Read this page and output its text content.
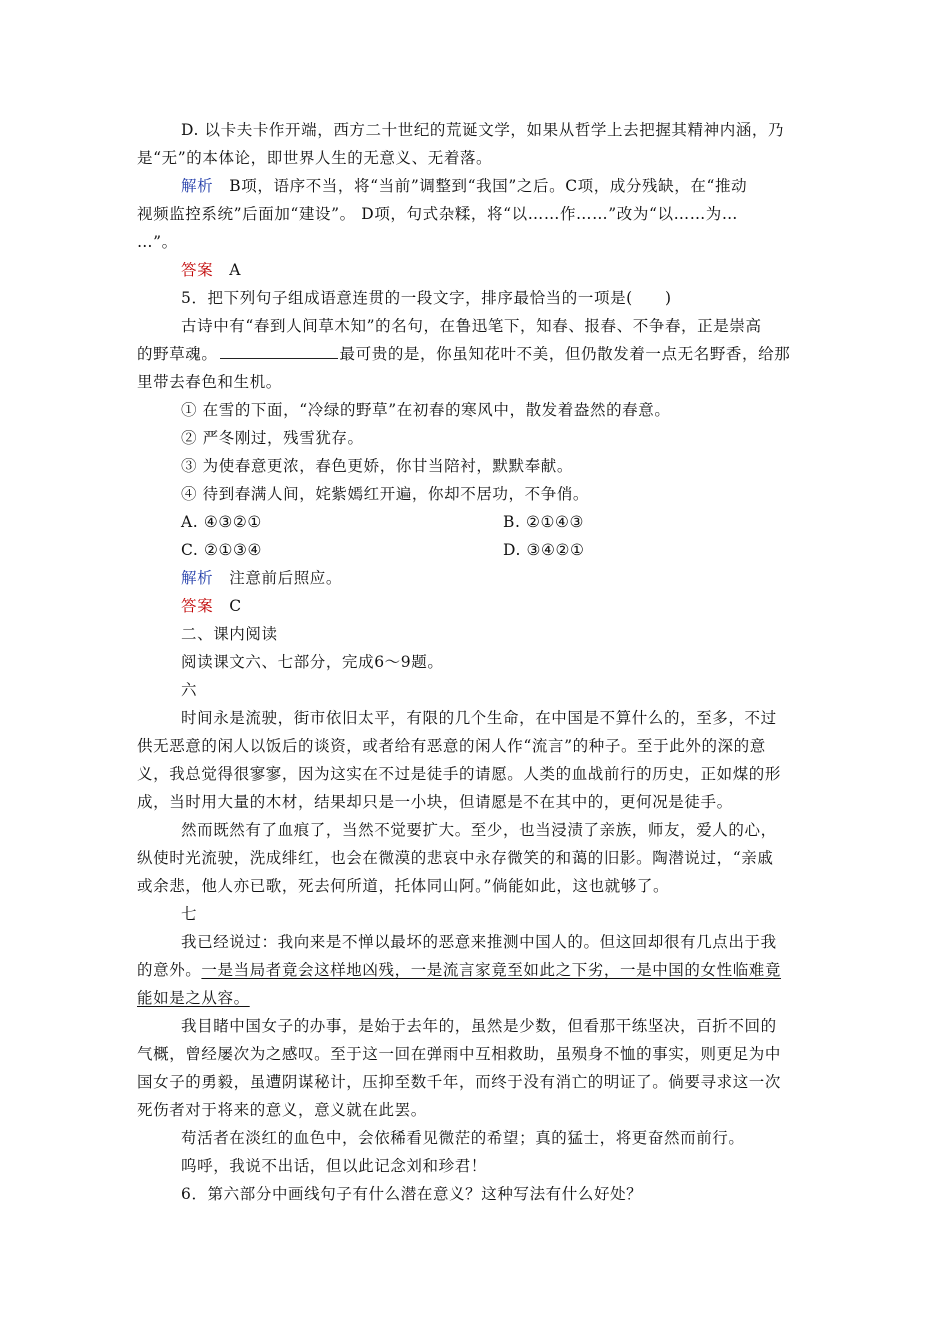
D. 以卡夫卡作开端，西方二十世纪的荒诞文学，如果从哲学上去把握其精神内涵，乃
是“无”的本体论，即世界人生的无意义、无着落。
解析　B项，语序不当，将“当前”调整到“我国”之后。C项，成分残缺，在“推动
视频监控系统”后面加“建设”。 D项，句式杂糅，将“以……作……”改为“以……为…
…”。
答案　A
5．把下列句子组成语意连贯的一段文字，排序最恰当的一项是(　　)
古诗中有“春到人间草木知”的名句，在鲁迅笔下，知春、报春、不争春，正是崇高
的野草魂。	最可贵的是，你虽知花叶不美，但仍散发着一点无名野香，给那
里带去春色和生机。
① 在雪的下面，“冷绿的野草”在初春的寒风中，散发着盎然的春意。
② 严冬刚过，残雪犹存。
③ 为使春意更浓，春色更娇，你甘当陪衬，默默奉献。
④ 待到春满人间，姹紫嫣红开遍，你却不居功，不争俏。
A. ④③②①	B. ②①④③
C. ②①③④	D. ③④②①
解析　注意前后照应。
答案　C
二、课内阅读
阅读课文六、七部分，完成6～9题。
六
时间永是流驶，街市依旧太平，有限的几个生命，在中国是不算什么的，至多，不过
供无恶意的闲人以饭后的谈资，或者给有恶意的闲人作“流言”的种子。至于此外的深的意
义，我总觉得很寥寥，因为这实在不过是徒手的请愿。人类的血战前行的历史，正如煤的形
成，当时用大量的木材，结果却只是一小块，但请愿是不在其中的，更何况是徒手。
然而既然有了血痕了，当然不觉要扩大。至少，也当浸渍了亲族，师友，爱人的心，
纵使时光流驶，洗成绯红，也会在微漠的悲哀中永存微笑的和蔼的旧影。陶潜说过，“亲戚
或余悲，他人亦已歌，死去何所道，托体同山阿。”倘能如此，这也就够了。
七
我已经说过：我向来是不惮以最坏的恶意来推测中国人的。但这回却很有几点出于我
的意外。一是当局者竟会这样地凶残，一是流言家竟至如此之下劣，一是中国的女性临难竟
能如是之从容。
我目睹中国女子的办事，是始于去年的，虽然是少数，但看那干练坚决，百折不回的
气概，曾经屡次为之感叹。至于这一回在弹雨中互相救助，虽殒身不恤的事实，则更足为中
国女子的勇毅，虽遭阴谋秘计，压抑至数千年，而终于没有消亡的明证了。倘要寻求这一次
死伤者对于将来的意义，意义就在此罢。
苟活者在淡红的血色中，会依稀看见微茫的希望；真的猛士，将更奋然而前行。
呜呼，我说不出话，但以此记念刘和珍君！
6．第六部分中画线句子有什么潜在意义？这种写法有什么好处？
